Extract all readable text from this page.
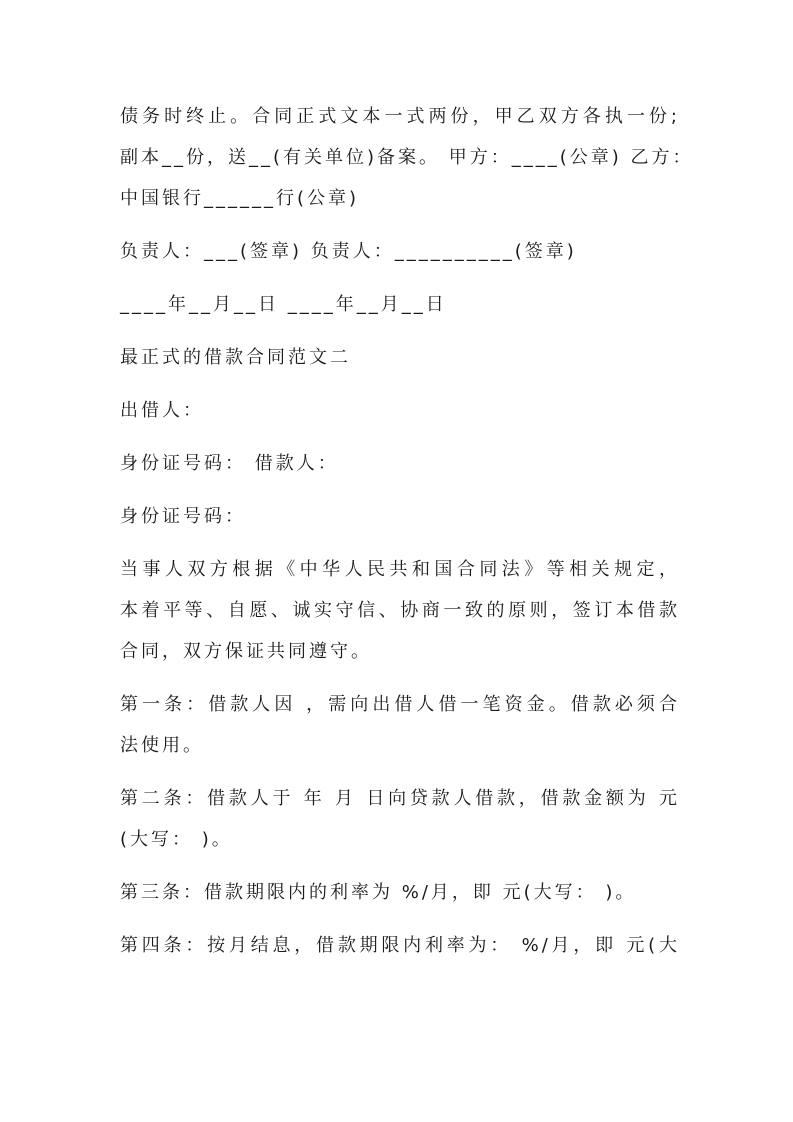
债务时终止。合同正式文本一式两份，甲乙双方各执一份;
副本__份，送__(有关单位)备案。 甲方：____(公章) 乙方：
中国银行______行(公章)
负责人：___(签章) 负责人：__________(签章)
____年__月__日 ____年__月__日
最正式的借款合同范文二
出借人：
身份证号码： 借款人：
身份证号码：
当事人双方根据《中华人民共和国合同法》等相关规定，
本着平等、自愿、诚实守信、协商一致的原则，签订本借款
合同，双方保证共同遵守。
第一条：借款人因 ，需向出借人借一笔资金。借款必须合
法使用。
第二条：借款人于 年 月 日向贷款人借款，借款金额为 元
(大写： )。
第三条：借款期限内的利率为 %/月，即 元(大写： )。
第四条：按月结息，借款期限内利率为： %/月，即 元(大
